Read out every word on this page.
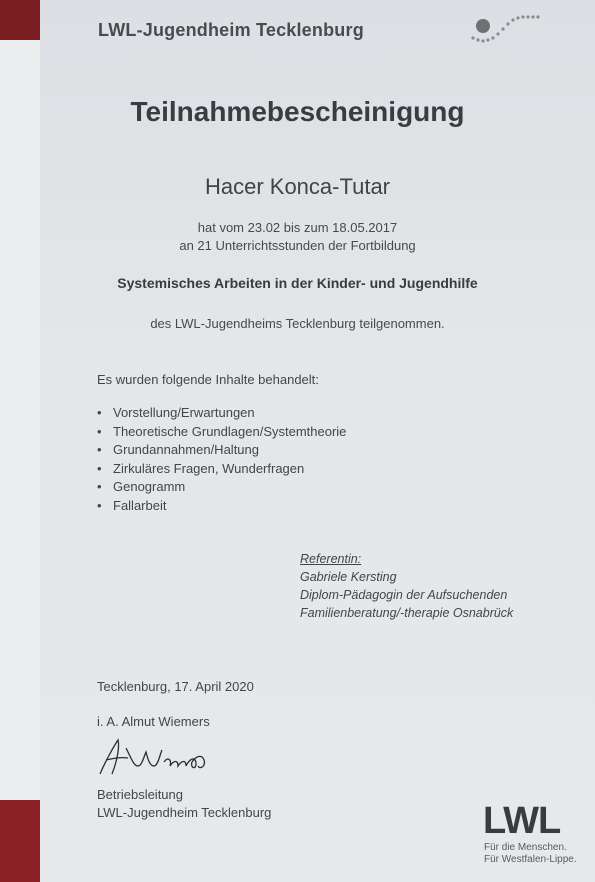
LWL-Jugendheim Tecklenburg
Teilnahmebescheinigung
Hacer Konca-Tutar
hat vom 23.02 bis zum 18.05.2017
an 21 Unterrichtsstunden der Fortbildung
Systemisches Arbeiten in der Kinder- und Jugendhilfe
des LWL-Jugendheims Tecklenburg teilgenommen.
Es wurden folgende Inhalte behandelt:
• Vorstellung/Erwartungen
• Theoretische Grundlagen/Systemtheorie
• Grundannahmen/Haltung
• Zirkuläres Fragen, Wunderfragen
• Genogramm
• Fallarbeit
Referentin:
Gabriele Kersting
Diplom-Pädagogin der Aufsuchenden
Familienberatung/-therapie Osnabrück
Tecklenburg, 17. April 2020
i. A. Almut Wiemers
Betriebsleitung
LWL-Jugendheim Tecklenburg	LWL
Für die Menschen.
Für Westfalen-Lippe.
